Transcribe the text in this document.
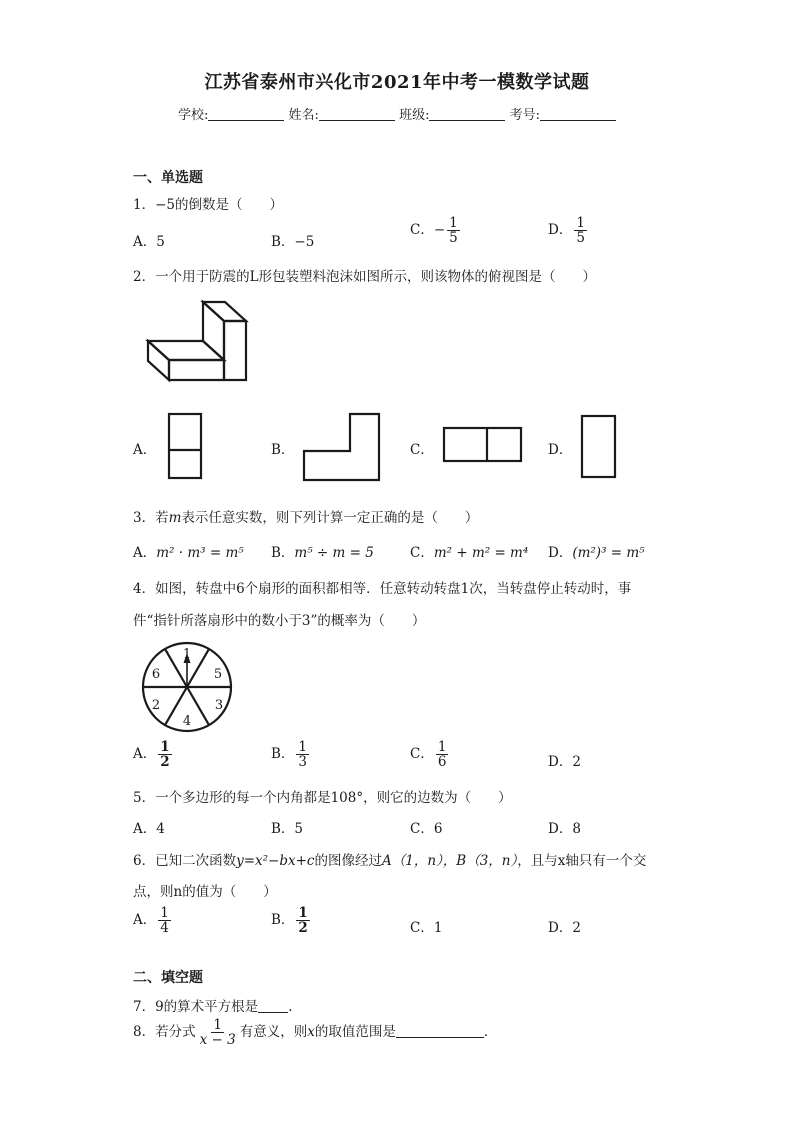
江苏省泰州市兴化市2021年中考一模数学试题
学校:	姓名:	班级:	考号:
一、单选题
1．−5的倒数是（　　）
A．5	B．−5
C．− $\frac{1}{5}$	D． $\frac{1}{5}$
2．一个用于防震的L形包装塑料泡沫如图所示，则该物体的俯视图是（　　）
A．	B．	C．	D．
3．若m表示任意实数，则下列计算一定正确的是（　　）
A．m² · m³ = m⁵ B．m⁵ ÷ m = 5	C．m² + m² = m⁴ D．(m²)³ = m⁵
4．如图，转盘中6个扇形的面积都相等．任意转动转盘1次，当转盘停止转动时，事
件“指针所落扇形中的数小于3”的概率为（　　）
1
5
3
4
2
6
A． $\frac{1}{2}$	B． $\frac{1}{3}$	C． $\frac{1}{6}$	D．2
5．一个多边形的每一个内角都是108°，则它的边数为（　　）
A．4	B．5	C．6	D．8
6．已知二次函数y=x²−bx+c的图像经过A（1，n），B（3，n），且与x轴只有一个交
点，则n的值为（　　）
A． $\frac{1}{4}$	B． $\frac{1}{2}$	C．1	D．2
二、填空题
7．9的算术平方根是 ．
8．若分式 $\frac{1}{x - 3}$ 有意义，则x的取值范围是	．
